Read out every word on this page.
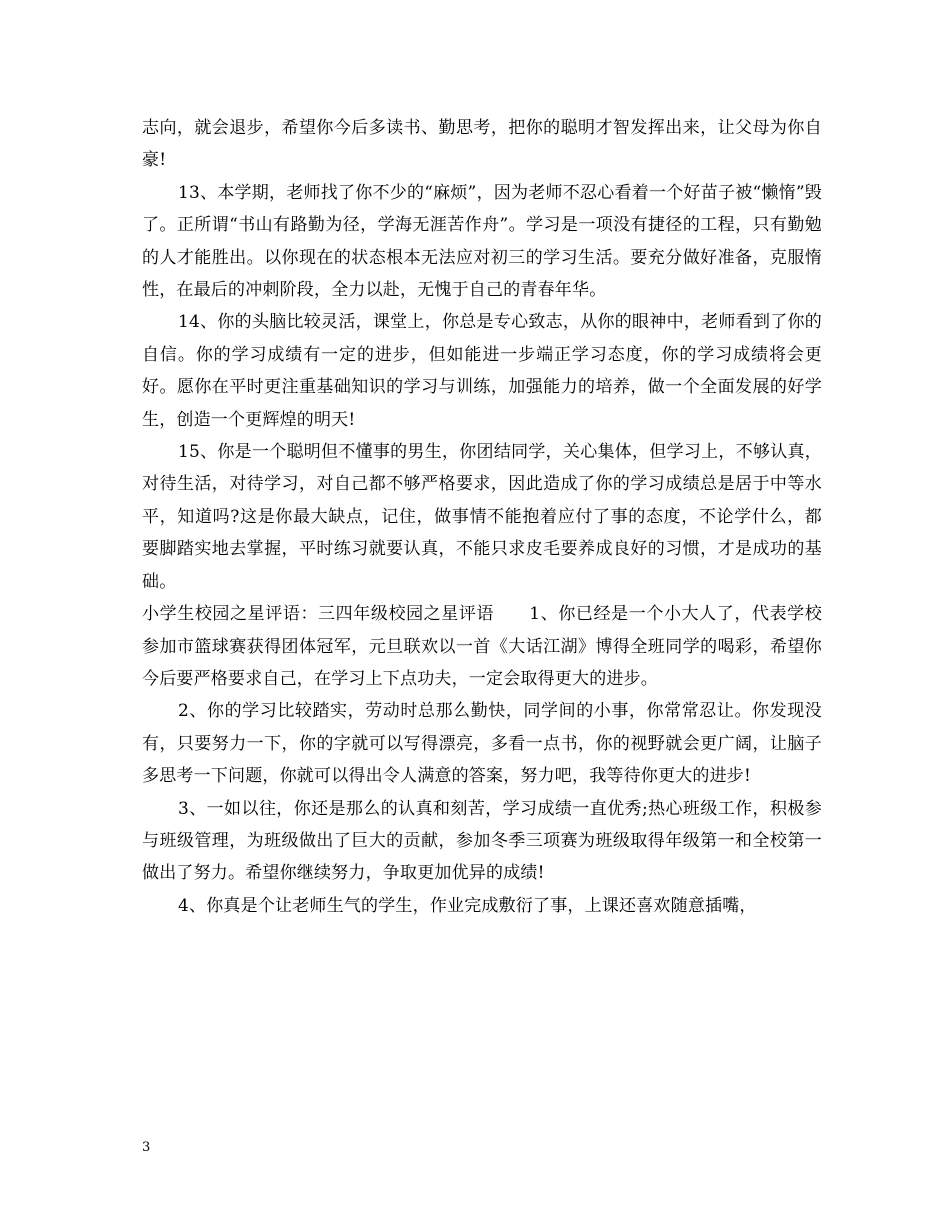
志向，就会退步，希望你今后多读书、勤思考，把你的聪明才智发挥出来，让父母为你自豪!

13、本学期，老师找了你不少的“麻烦”，因为老师不忍心看着一个好苗子被“懒惰”毁了。正所谓“书山有路勤为径，学海无涯苦作舟”。学习是一项没有捷径的工程，只有勤勉的人才能胜出。以你现在的状态根本无法应对初三的学习生活。要充分做好准备，克服惰性，在最后的冲刺阶段，全力以赴，无愧于自己的青春年华。

14、你的头脑比较灵活，课堂上，你总是专心致志，从你的眼神中，老师看到了你的自信。你的学习成绩有一定的进步，但如能进一步端正学习态度，你的学习成绩将会更好。愿你在平时更注重基础知识的学习与训练，加强能力的培养，做一个全面发展的好学生，创造一个更辉煌的明天!

15、你是一个聪明但不懂事的男生，你团结同学，关心集体，但学习上，不够认真，对待生活，对待学习，对自己都不够严格要求，因此造成了你的学习成绩总是居于中等水平，知道吗?这是你最大缺点，记住，做事情不能抱着应付了事的态度，不论学什么，都要脚踏实地去掌握，平时练习就要认真，不能只求皮毛要养成良好的习惯，才是成功的基础。

小学生校园之星评语：三四年级校园之星评语　　1、你已经是一个小大人了，代表学校参加市篮球赛获得团体冠军，元旦联欢以一首《大话江湖》博得全班同学的喝彩，希望你今后要严格要求自己，在学习上下点功夫，一定会取得更大的进步。

2、你的学习比较踏实，劳动时总那么勤快，同学间的小事，你常常忍让。你发现没有，只要努力一下，你的字就可以写得漂亮，多看一点书，你的视野就会更广阔，让脑子多思考一下问题，你就可以得出令人满意的答案，努力吧，我等待你更大的进步!

3、一如以往，你还是那么的认真和刻苦，学习成绩一直优秀;热心班级工作，积极参与班级管理，为班级做出了巨大的贡献，参加冬季三项赛为班级取得年级第一和全校第一做出了努力。希望你继续努力，争取更加优异的成绩!

4、你真是个让老师生气的学生，作业完成敷衍了事，上课还喜欢随意插嘴，

3
